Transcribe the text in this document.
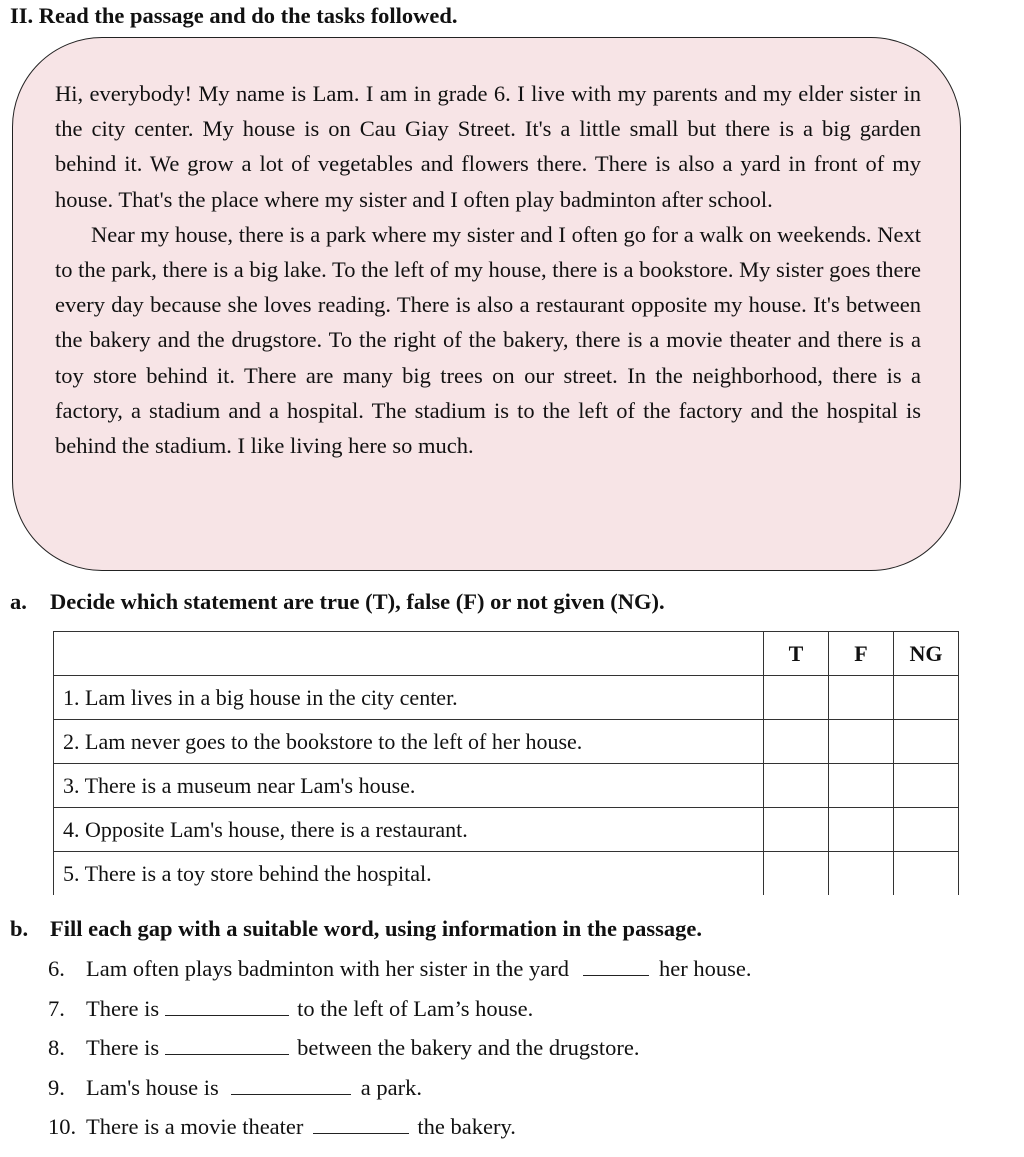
II. Read the passage and do the tasks followed.

Hi, everybody! My name is Lam. I am in grade 6. I live with my parents and my elder sister in the city center. My house is on Cau Giay Street. It's a little small but there is a big garden behind it. We grow a lot of vegetables and flowers there. There is also a yard in front of my house. That's the place where my sister and I often play badminton after school.

Near my house, there is a park where my sister and I often go for a walk on weekends. Next to the park, there is a big lake. To the left of my house, there is a bookstore. My sister goes there every day because she loves reading. There is also a restaurant opposite my house. It's between the bakery and the drugstore. To the right of the bakery, there is a movie theater and there is a toy store behind it. There are many big trees on our street. In the neighborhood, there is a factory, a stadium and a hospital. The stadium is to the left of the factory and the hospital is behind the stadium. I like living here so much.

a. Decide which statement are true (T), false (F) or not given (NG).
	T	F	NG
1. Lam lives in a big house in the city center.			
2. Lam never goes to the bookstore to the left of her house.			
3. There is a museum near Lam's house.			
4. Opposite Lam's house, there is a restaurant.			
5. There is a toy store behind the hospital.			
b. Fill each gap with a suitable word, using information in the passage.
6. Lam often plays badminton with her sister in the yard	her house.
7. There is	to the left of Lam’s house.
8. There is	between the bakery and the drugstore.
9. Lam's house is	a park.
10. There is a movie theater	the bakery.
